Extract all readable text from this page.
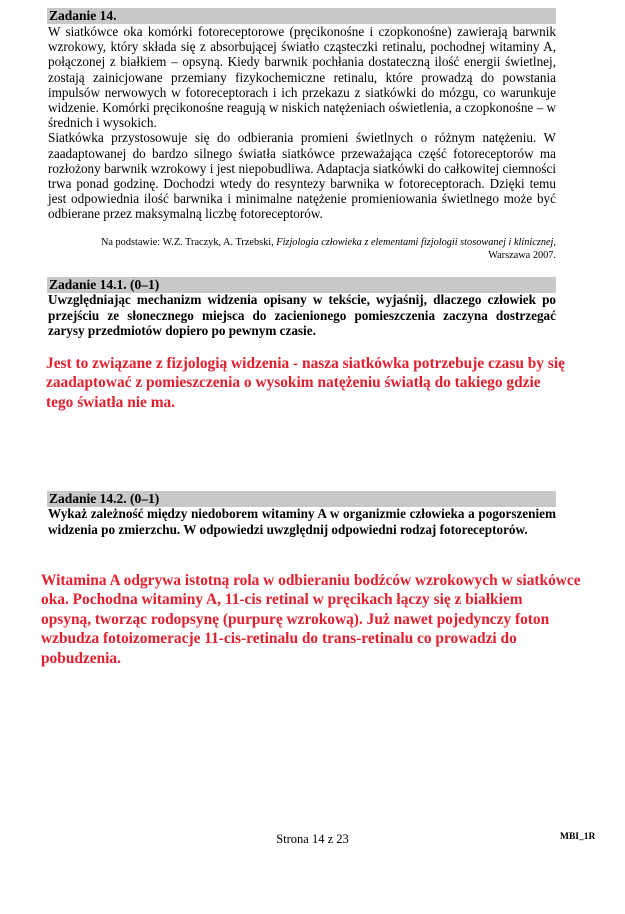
Zadanie 14.

W siatkówce oka komórki fotoreceptorowe (pręcikonośne i czopkonośne) zawierają barwnik wzrokowy, który składa się z absorbującej światło cząsteczki retinalu, pochodnej witaminy A, połączonej z białkiem – opsyną. Kiedy barwnik pochłania dostateczną ilość energii świetlnej, zostają zainicjowane przemiany fizykochemiczne retinalu, które prowadzą do powstania impulsów nerwowych w fotoreceptorach i ich przekazu z siatkówki do mózgu, co warunkuje widzenie. Komórki pręcikonośne reagują w niskich natężeniach oświetlenia, a czopkonośne – w średnich i wysokich.

Siatkówka przystosowuje się do odbierania promieni świetlnych o różnym natężeniu. W zaadaptowanej do bardzo silnego światła siatkówce przeważająca część fotoreceptorów ma rozłożony barwnik wzrokowy i jest niepobudliwa. Adaptacja siatkówki do całkowitej ciemności trwa ponad godzinę. Dochodzi wtedy do resyntezy barwnika w fotoreceptorach. Dzięki temu jest odpowiednia ilość barwnika i minimalne natężenie promieniowania świetlnego może być odbierane przez maksymalną liczbę fotoreceptorów.

Na podstawie: W.Z. Traczyk, A. Trzebski, Fizjologia człowieka z elementami fizjologii stosowanej i klinicznej,
Warszawa 2007.
Zadanie 14.1. (0–1)
Uwzględniając mechanizm widzenia opisany w tekście, wyjaśnij, dlaczego człowiek po przejściu ze słonecznego miejsca do zacienionego pomieszczenia zaczyna dostrzegać zarysy przedmiotów dopiero po pewnym czasie.
Jest to związane z fizjologią widzenia - nasza siatkówka potrzebuje czasu by się
zaadaptować z pomieszczenia o wysokim natężeniu światłą do takiego gdzie
tego światła nie ma.
Zadanie 14.2. (0–1)
Wykaż zależność między niedoborem witaminy A w organizmie człowieka a pogorszeniem widzenia po zmierzchu. W odpowiedzi uwzględnij odpowiedni rodzaj fotoreceptorów.
Witamina A odgrywa istotną rola w odbieraniu bodźców wzrokowych w siatkówce
oka. Pochodna witaminy A, 11-cis retinal w pręcikach łączy się z białkiem
opsyną, tworząc rodopsynę (purpurę wzrokową). Już nawet pojedynczy foton
wzbudza fotoizomeracje 11-cis-retinalu do trans-retinalu co prowadzi do
pobudzenia.
Strona 14 z 23	MBI_1R
